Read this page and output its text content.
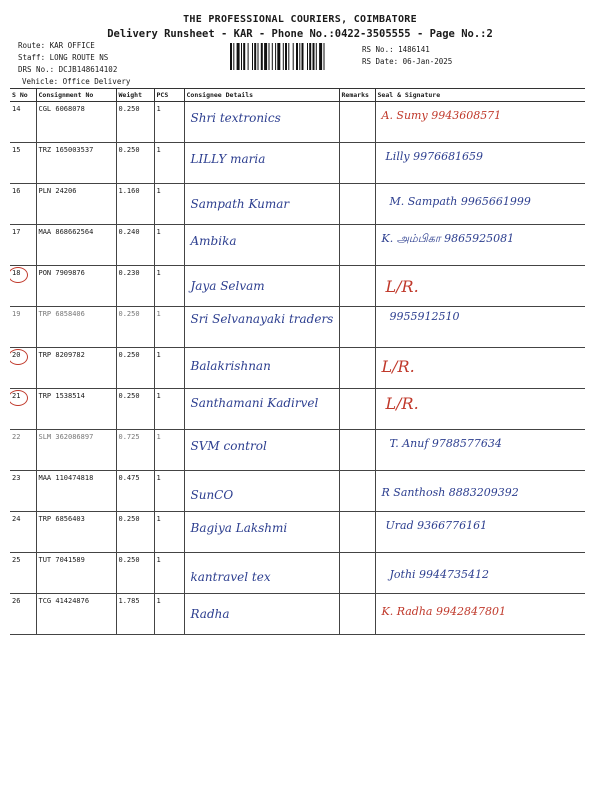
THE PROFESSIONAL COURIERS, COIMBATORE
Delivery Runsheet - KAR - Phone No.:0422-3505555 - Page No.:2
Route: KAR OFFICE
Staff: LONG ROUTE NS
DRS No.: DCJB148614102
Vehicle: Office Delivery
RS No.: 1486141
RS Date: 06-Jan-2025
S No	Consignment No	Weight	PCS	Consignee Details	Remarks	Seal & Signature
14	CGL 6068078	0.250	1	Shri textronics		A. Sumy 9943608571
15	TRZ 165003537	0.250	1	LILLY maria		Lilly 9976681659
16	PLN 24206	1.160	1	Sampath Kumar		M. Sampath 9965661999
17	MAA 868662564	0.240	1	Ambika		K. அம்பிகா 9865925081

18	PON 7909876	0.230	1	Jaya Selvam		L/R.
19	TRP 6858406	0.250	1	Sri Selvanayaki traders		9955912510

20	TRP 8209782	0.250	1	Balakrishnan		L/R.

21	TRP 1538514	0.250	1	Santhamani Kadirvel		L/R.
22	SLM 362086897	0.725	1	SVM control		T. Anuf 9788577634
23	MAA 110474818	0.475	1	SunCO		R Santhosh 8883209392
24	TRP 6856403	0.250	1	Bagiya Lakshmi		Urad 9366776161
25	TUT 7041589	0.250	1	kantravel tex		Jothi 9944735412
26	TCG 41424876	1.785	1	Radha		K. Radha 9942847801
